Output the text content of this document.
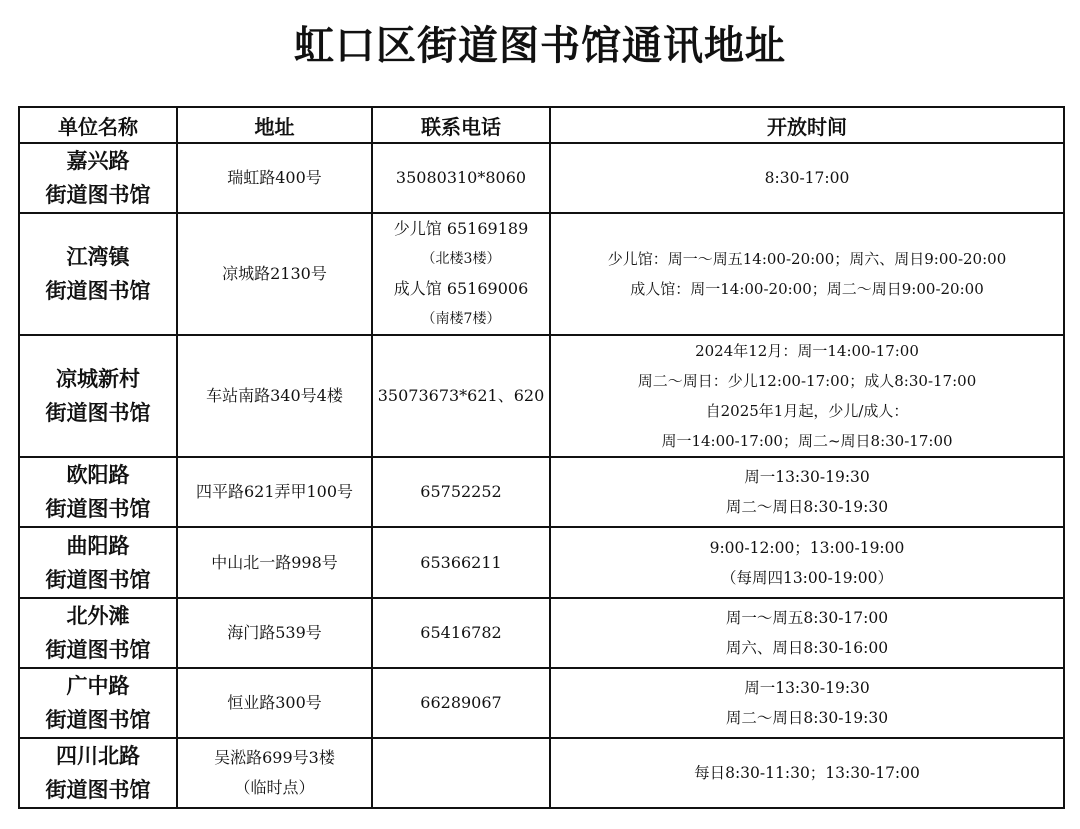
虹口区街道图书馆通讯地址
单位名称	地址	联系电话	开放时间

嘉兴路
街道图书馆	瑞虹路400号	35080310*8060	8:30-17:00

江湾镇
街道图书馆	凉城路2130号	少儿馆 65169189
（北楼3楼）
成人馆 65169006
（南楼7楼）	少儿馆：周一～周五14:00-20:00；周六、周日9:00-20:00
成人馆：周一14:00-20:00；周二～周日9:00-20:00

凉城新村
街道图书馆	车站南路340号4楼	35073673*621、620	2024年12月：周一14:00-17:00
周二～周日：少儿12:00-17:00；成人8:30-17:00
自2025年1月起，少儿/成人：
周一14:00-17:00；周二~周日8:30-17:00

欧阳路
街道图书馆	四平路621弄甲100号	65752252	周一13:30-19:30
周二～周日8:30-19:30

曲阳路
街道图书馆	中山北一路998号	65366211	9:00-12:00；13:00-19:00
（每周四13:00-19:00）

北外滩
街道图书馆	海门路539号	65416782	周一～周五8:30-17:00
周六、周日8:30-16:00

广中路
街道图书馆	恒业路300号	66289067	周一13:30-19:30
周二～周日8:30-19:30

四川北路
街道图书馆	吴淞路699号3楼
（临时点）		每日8:30-11:30；13:30-17:00
